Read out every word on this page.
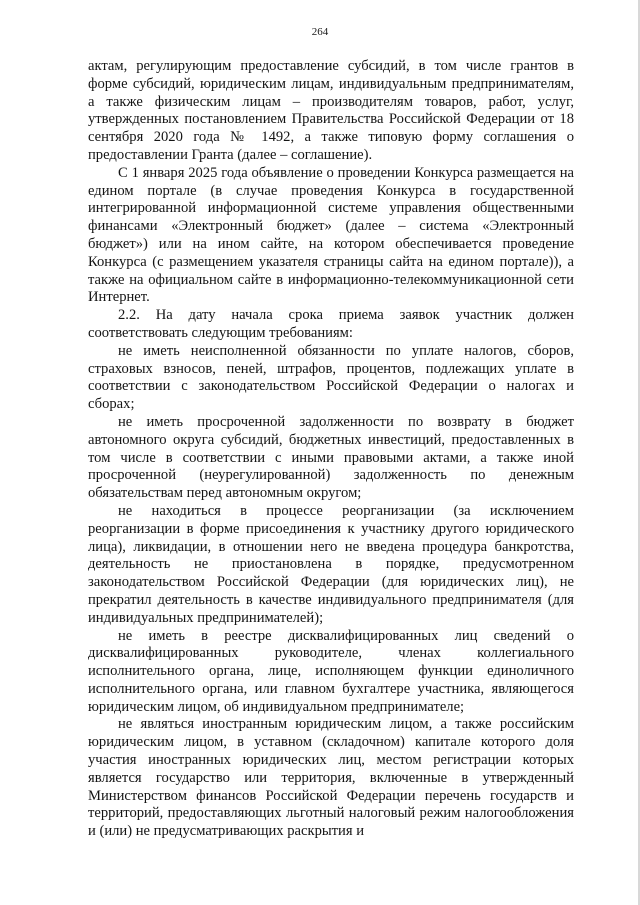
264

актам, регулирующим предоставление субсидий, в том числе грантов в форме субсидий, юридическим лицам, индивидуальным предпринимателям, а также физическим лицам – производителям товаров, работ, услуг, утвержденных постановлением Правительства Российской Федерации от 18 сентября 2020 года № 1492, а также типовую форму соглашения о предоставлении Гранта (далее – соглашение).

С 1 января 2025 года объявление о проведении Конкурса размещается на едином портале (в случае проведения Конкурса в государственной интегрированной информационной системе управления общественными финансами «Электронный бюджет» (далее – система «Электронный бюджет») или на ином сайте, на котором обеспечивается проведение Конкурса (с размещением указателя страницы сайта на едином портале)), а также на официальном сайте в информационно-телекоммуникационной сети Интернет.

2.2. На дату начала срока приема заявок участник должен соответствовать следующим требованиям:

не иметь неисполненной обязанности по уплате налогов, сборов, страховых взносов, пеней, штрафов, процентов, подлежащих уплате в соответствии с законодательством Российской Федерации о налогах и сборах;

не иметь просроченной задолженности по возврату в бюджет автономного округа субсидий, бюджетных инвестиций, предоставленных в том числе в соответствии с иными правовыми актами, а также иной просроченной (неурегулированной) задолженность по денежным обязательствам перед автономным округом;

не находиться в процессе реорганизации (за исключением реорганизации в форме присоединения к участнику другого юридического лица), ликвидации, в отношении него не введена процедура банкротства, деятельность не приостановлена в порядке, предусмотренном законодательством Российской Федерации (для юридических лиц), не прекратил деятельность в качестве индивидуального предпринимателя (для индивидуальных предпринимателей);

не иметь в реестре дисквалифицированных лиц сведений о дисквалифицированных руководителе, членах коллегиального исполнительного органа, лице, исполняющем функции единоличного исполнительного органа, или главном бухгалтере участника, являющегося юридическим лицом, об индивидуальном предпринимателе;

не являться иностранным юридическим лицом, а также российским юридическим лицом, в уставном (складочном) капитале которого доля участия иностранных юридических лиц, местом регистрации которых является государство или территория, включенные в утвержденный Министерством финансов Российской Федерации перечень государств и территорий, предоставляющих льготный налоговый режим налогообложения и (или) не предусматривающих раскрытия и
